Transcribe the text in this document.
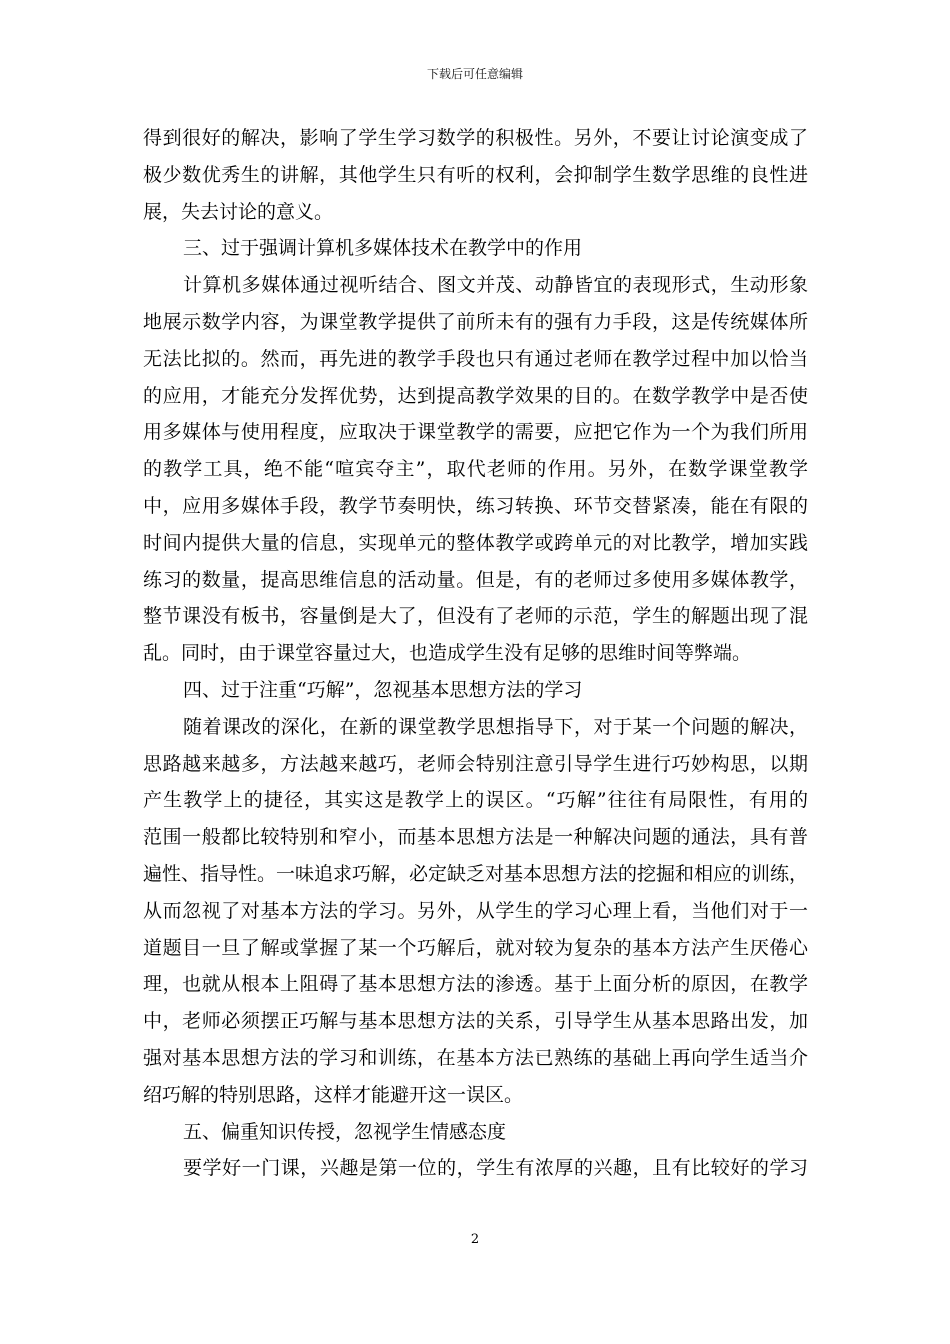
下载后可任意编辑
得到很好的解决，影响了学生学习数学的积极性。另外，不要让讨论演变成了
极少数优秀生的讲解，其他学生只有听的权利，会抑制学生数学思维的良性进
展，失去讨论的意义。
三、过于强调计算机多媒体技术在教学中的作用
计算机多媒体通过视听结合、图文并茂、动静皆宜的表现形式，生动形象
地展示数学内容，为课堂教学提供了前所未有的强有力手段，这是传统媒体所
无法比拟的。然而，再先进的教学手段也只有通过老师在教学过程中加以恰当
的应用，才能充分发挥优势，达到提高教学效果的目的。在数学教学中是否使
用多媒体与使用程度，应取决于课堂教学的需要，应把它作为一个为我们所用
的教学工具，绝不能“喧宾夺主”，取代老师的作用。另外，在数学课堂教学
中，应用多媒体手段，教学节奏明快，练习转换、环节交替紧凑，能在有限的
时间内提供大量的信息，实现单元的整体教学或跨单元的对比教学，增加实践
练习的数量，提高思维信息的活动量。但是，有的老师过多使用多媒体教学，
整节课没有板书，容量倒是大了，但没有了老师的示范，学生的解题出现了混
乱。同时，由于课堂容量过大，也造成学生没有足够的思维时间等弊端。
四、过于注重“巧解”，忽视基本思想方法的学习
随着课改的深化，在新的课堂教学思想指导下，对于某一个问题的解决，
思路越来越多，方法越来越巧，老师会特别注意引导学生进行巧妙构思，以期
产生教学上的捷径，其实这是教学上的误区。“巧解”往往有局限性，有用的
范围一般都比较特别和窄小，而基本思想方法是一种解决问题的通法，具有普
遍性、指导性。一味追求巧解，必定缺乏对基本思想方法的挖掘和相应的训练，
从而忽视了对基本方法的学习。另外，从学生的学习心理上看，当他们对于一
道题目一旦了解或掌握了某一个巧解后，就对较为复杂的基本方法产生厌倦心
理，也就从根本上阻碍了基本思想方法的渗透。基于上面分析的原因，在教学
中，老师必须摆正巧解与基本思想方法的关系，引导学生从基本思路出发，加
强对基本思想方法的学习和训练，在基本方法已熟练的基础上再向学生适当介
绍巧解的特别思路，这样才能避开这一误区。
五、偏重知识传授，忽视学生情感态度
要学好一门课，兴趣是第一位的，学生有浓厚的兴趣，且有比较好的学习
2
